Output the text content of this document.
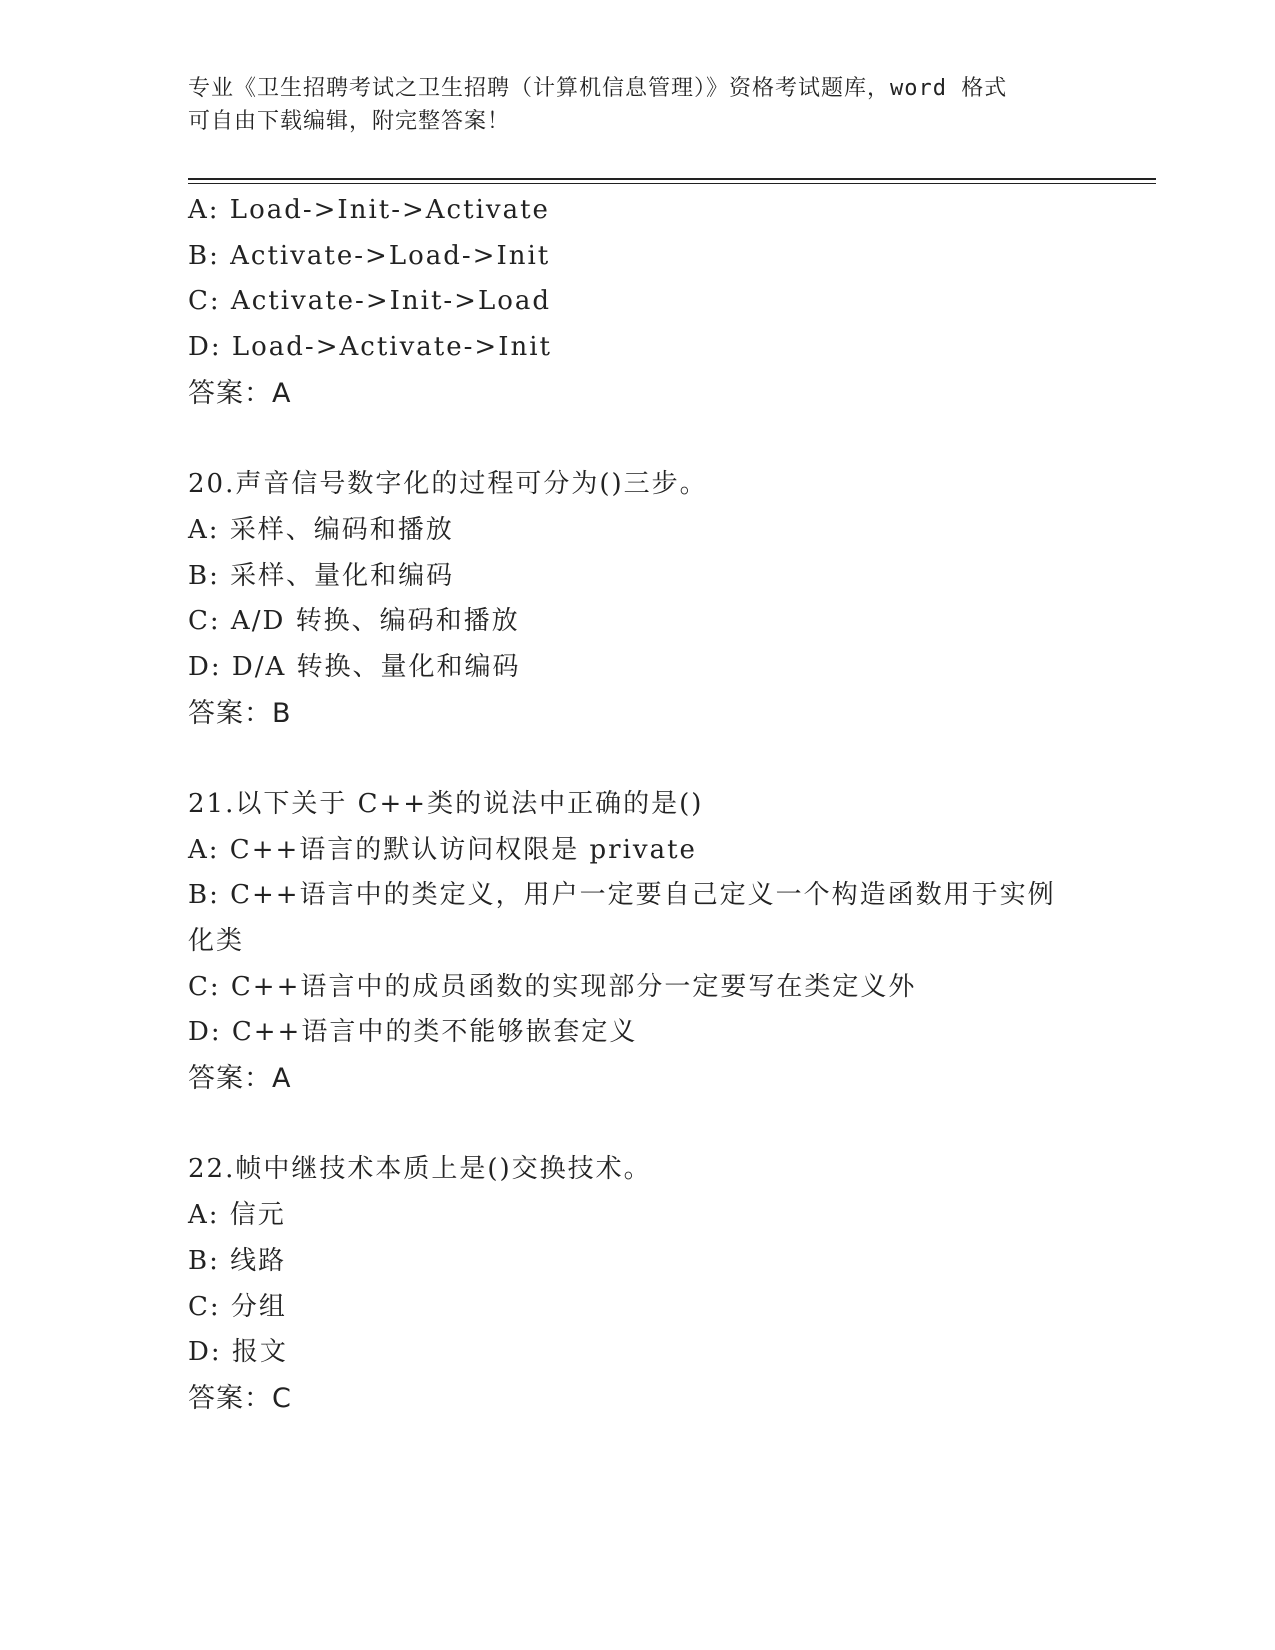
专业《卫生招聘考试之卫生招聘（计算机信息管理）》资格考试题库，word 格式
可自由下载编辑，附完整答案！
A: Load->Init->Activate
B: Activate->Load->Init
C: Activate->Init->Load
D: Load->Activate->Init
答案：A
20.声音信号数字化的过程可分为()三步。
A: 采样、编码和播放
B: 采样、量化和编码
C: A/D 转换、编码和播放
D: D/A 转换、量化和编码
答案：B
21.以下关于 C++类的说法中正确的是()
A: C++语言的默认访问权限是 private
B: C++语言中的类定义，用户一定要自己定义一个构造函数用于实例
化类
C: C++语言中的成员函数的实现部分一定要写在类定义外
D: C++语言中的类不能够嵌套定义
答案：A
22.帧中继技术本质上是()交换技术。
A: 信元
B: 线路
C: 分组
D: 报文
答案：C
